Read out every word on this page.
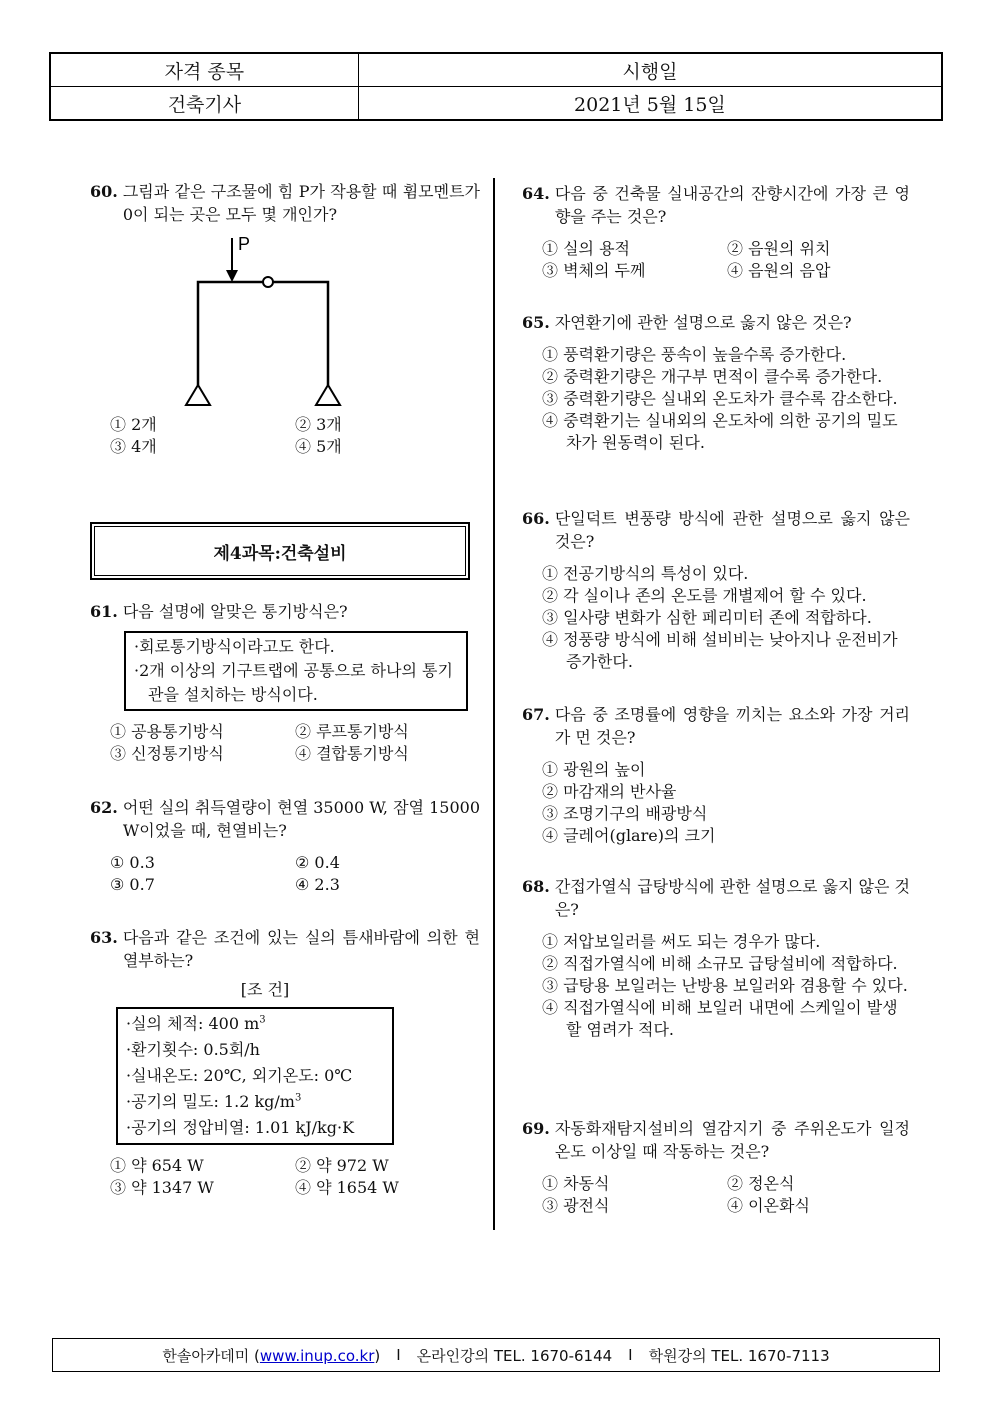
자격 종목	시행일
건축기사	2021년 5월 15일
60. 그림과 같은 구조물에 힘 P가 작용할 때 휨모멘트가 0이 되는 곳은 모두 몇 개인가?
P
① 2개	② 3개
③ 4개	④ 5개
제4과목:건축설비
61. 다음 설명에 알맞은 통기방식은?
·회로통기방식이라고도 한다.
·2개 이상의 기구트랩에 공통으로 하나의 통기관을 설치하는 방식이다.
① 공용통기방식	② 루프통기방식
③ 신정통기방식	④ 결합통기방식
62. 어떤 실의 취득열량이 현열 35000 W, 잠열 15000 W이었을 때, 현열비는?
① 0.3	② 0.4
③ 0.7	④ 2.3
63. 다음과 같은 조건에 있는 실의 틈새바람에 의한 현열부하는?
[조 건]
·실의 체적: 400 $m^3$
·환기횟수: 0.5회/h
·실내온도: 20℃, 외기온도: 0℃
·공기의 밀도: 1.2 $kg/m^3$
·공기의 정압비열: 1.01 kJ/kg·K
① 약 654 W	② 약 972 W
③ 약 1347 W	④ 약 1654 W
64. 다음 중 건축물 실내공간의 잔향시간에 가장 큰 영향을 주는 것은?
① 실의 용적	② 음원의 위치
③ 벽체의 두께	④ 음원의 음압
65. 자연환기에 관한 설명으로 옳지 않은 것은?
① 풍력환기량은 풍속이 높을수록 증가한다.
② 중력환기량은 개구부 면적이 클수록 증가한다.
③ 중력환기량은 실내외 온도차가 클수록 감소한다.
④ 중력환기는 실내외의 온도차에 의한 공기의 밀도차가 원동력이 된다.
66. 단일덕트 변풍량 방식에 관한 설명으로 옳지 않은 것은?
① 전공기방식의 특성이 있다.
② 각 실이나 존의 온도를 개별제어 할 수 있다.
③ 일사량 변화가 심한 페리미터 존에 적합하다.
④ 정풍량 방식에 비해 설비비는 낮아지나 운전비가 증가한다.
67. 다음 중 조명률에 영향을 끼치는 요소와 가장 거리가 먼 것은?
① 광원의 높이
② 마감재의 반사율
③ 조명기구의 배광방식
④ 글레어(glare)의 크기
68. 간접가열식 급탕방식에 관한 설명으로 옳지 않은 것은?
① 저압보일러를 써도 되는 경우가 많다.
② 직접가열식에 비해 소규모 급탕설비에 적합하다.
③ 급탕용 보일러는 난방용 보일러와 겸용할 수 있다.
④ 직접가열식에 비해 보일러 내면에 스케일이 발생할 염려가 적다.
69. 자동화재탐지설비의 열감지기 중 주위온도가 일정온도 이상일 때 작동하는 것은?
① 차동식	② 정온식
③ 광전식	④ 이온화식
한솔아카데미 (www.inup.co.kr) I 온라인강의 TEL. 1670-6144 I 학원강의 TEL. 1670-7113
